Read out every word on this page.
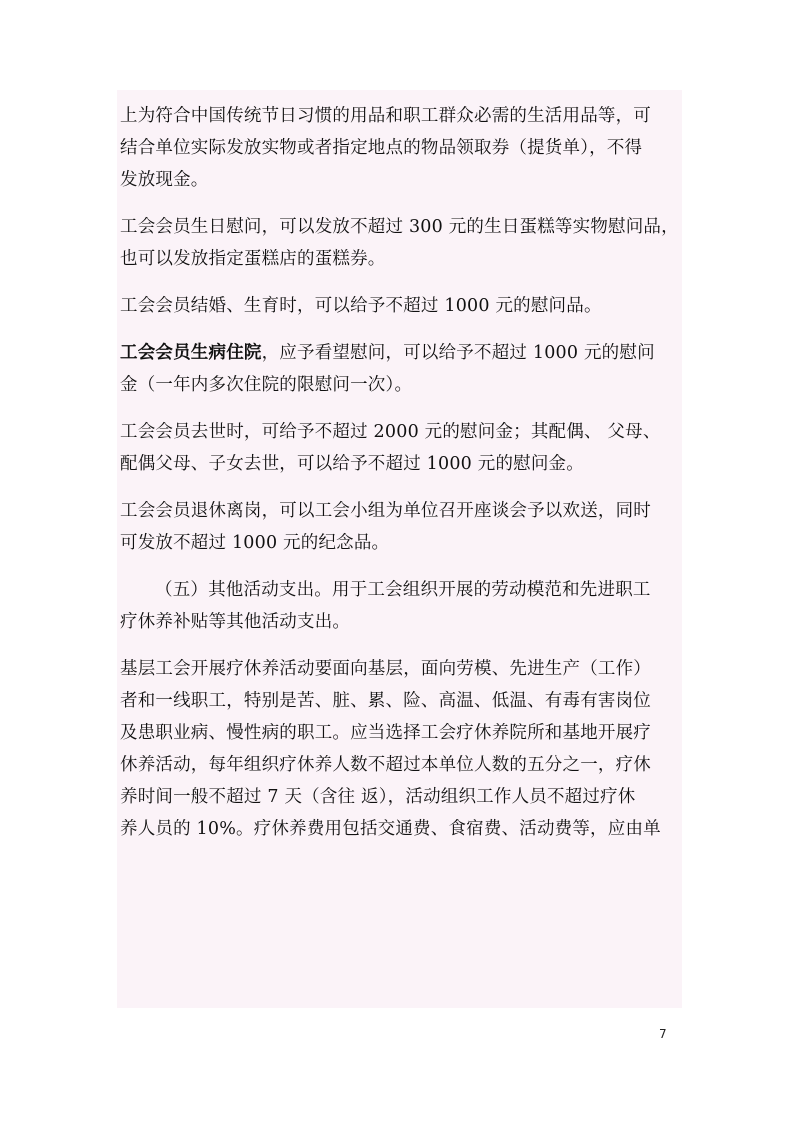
上为符合中国传统节日习惯的用品和职工群众必需的生活用品等，可
结合单位实际发放实物或者指定地点的物品领取券（提货单），不得
发放现金。
工会会员生日慰问，可以发放不超过 300 元的生日蛋糕等实物慰问品，
也可以发放指定蛋糕店的蛋糕券。
工会会员结婚、生育时，可以给予不超过 1000 元的慰问品。
工会会员生病住院，应予看望慰问，可以给予不超过 1000 元的慰问
金（一年内多次住院的限慰问一次）。
工会会员去世时，可给予不超过 2000 元的慰问金；其配偶、 父母、
配偶父母、子女去世，可以给予不超过 1000 元的慰问金。
工会会员退休离岗，可以工会小组为单位召开座谈会予以欢送，同时
可发放不超过 1000 元的纪念品。
（五）其他活动支出。用于工会组织开展的劳动模范和先进职工
疗休养补贴等其他活动支出。
基层工会开展疗休养活动要面向基层，面向劳模、先进生产（工作）
者和一线职工，特别是苦、脏、累、险、高温、低温、有毒有害岗位
及患职业病、慢性病的职工。应当选择工会疗休养院所和基地开展疗
休养活动，每年组织疗休养人数不超过本单位人数的五分之一，疗休
养时间一般不超过 7 天（含往 返），活动组织工作人员不超过疗休
养人员的 10%。疗休养费用包括交通费、食宿费、活动费等，应由单
7
